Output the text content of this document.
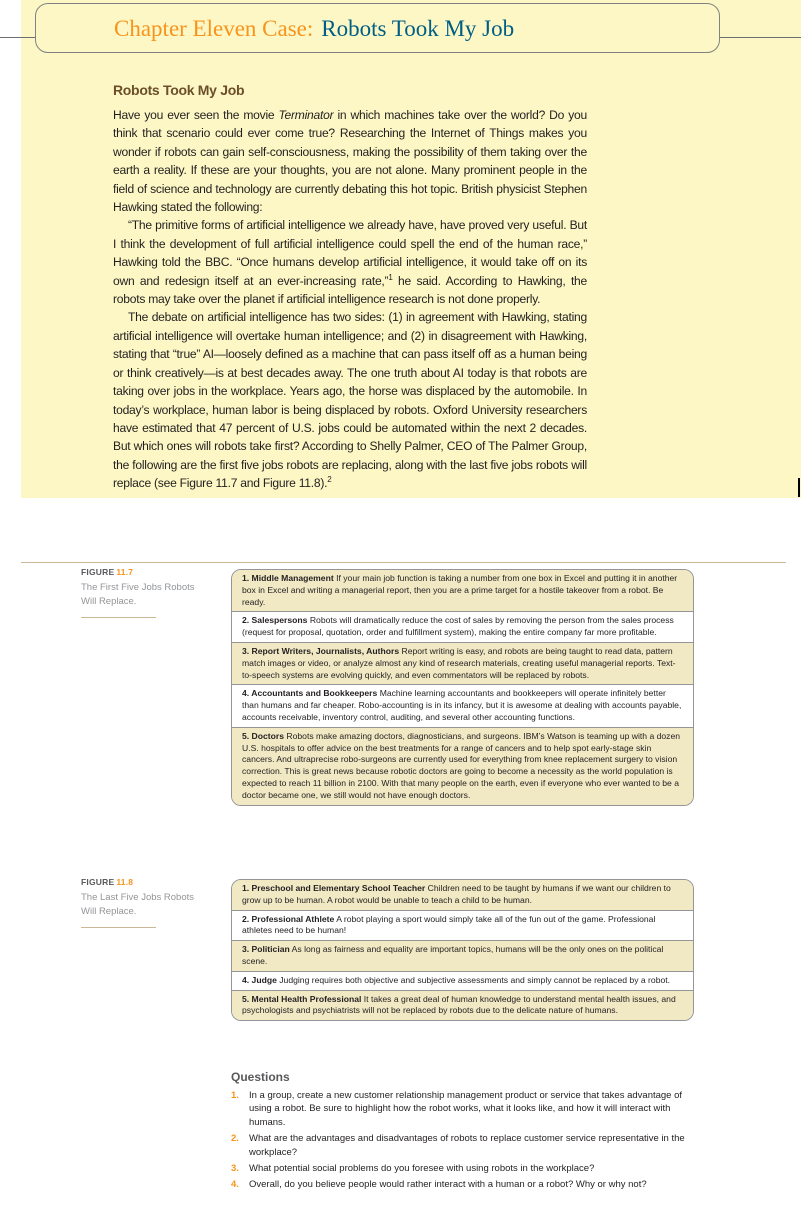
Chapter Eleven Case: Robots Took My Job
Robots Took My Job

Have you ever seen the movie Terminator in which machines take over the world? Do you think that scenario could ever come true? Researching the Internet of Things makes you wonder if robots can gain self-consciousness, making the possibility of them taking over the earth a reality. If these are your thoughts, you are not alone. Many prominent people in the field of science and technology are currently debating this hot topic. British physicist Stephen Hawking stated the following:

“The primitive forms of artificial intelligence we already have, have proved very useful. But I think the development of full artificial intelligence could spell the end of the human race,” Hawking told the BBC. “Once humans develop artificial intelligence, it would take off on its own and redesign itself at an ever-increasing rate,”$^1$ he said. According to Hawking, the robots may take over the planet if artificial intelligence research is not done properly.

The debate on artificial intelligence has two sides: (1) in agreement with Hawking, stating artificial intelligence will overtake human intelligence; and (2) in disagreement with Hawking, stating that “true” AI—loosely defined as a machine that can pass itself off as a human being or think creatively—is at best decades away. The one truth about AI today is that robots are taking over jobs in the workplace. Years ago, the horse was displaced by the automobile. In today’s workplace, human labor is being displaced by robots. Oxford University researchers have estimated that 47 percent of U.S. jobs could be automated within the next 2 decades. But which ones will robots take first? According to Shelly Palmer, CEO of The Palmer Group, the following are the first five jobs robots are replacing, along with the last five jobs robots will replace (see Figure 11.7 and Figure 11.8).$^2$

FIGURE 11.7
The First Five Jobs Robots Will Replace.
1. Middle Management If your main job function is taking a number from one box in Excel and putting it in another box in Excel and writing a managerial report, then you are a prime target for a hostile takeover from a robot. Be ready.
2. Salespersons Robots will dramatically reduce the cost of sales by removing the person from the sales process (request for proposal, quotation, order and fulfillment system), making the entire company far more profitable.
3. Report Writers, Journalists, Authors Report writing is easy, and robots are being taught to read data, pattern match images or video, or analyze almost any kind of research materials, creating useful managerial reports. Text-to-speech systems are evolving quickly, and even commentators will be replaced by robots.
4. Accountants and Bookkeepers Machine learning accountants and bookkeepers will operate infinitely better than humans and far cheaper. Robo-accounting is in its infancy, but it is awesome at dealing with accounts payable, accounts receivable, inventory control, auditing, and several other accounting functions.
5. Doctors Robots make amazing doctors, diagnosticians, and surgeons. IBM’s Watson is teaming up with a dozen U.S. hospitals to offer advice on the best treatments for a range of cancers and to help spot early-stage skin cancers. And ultraprecise robo-surgeons are currently used for everything from knee replacement surgery to vision correction. This is great news because robotic doctors are going to become a necessity as the world population is expected to reach 11 billion in 2100. With that many people on the earth, even if everyone who ever wanted to be a doctor became one, we still would not have enough doctors.
FIGURE 11.8
The Last Five Jobs Robots Will Replace.
1. Preschool and Elementary School Teacher Children need to be taught by humans if we want our children to grow up to be human. A robot would be unable to teach a child to be human.
2. Professional Athlete A robot playing a sport would simply take all of the fun out of the game. Professional athletes need to be human!
3. Politician As long as fairness and equality are important topics, humans will be the only ones on the political scene.
4. Judge Judging requires both objective and subjective assessments and simply cannot be replaced by a robot.
5. Mental Health Professional It takes a great deal of human knowledge to understand mental health issues, and psychologists and psychiatrists will not be replaced by robots due to the delicate nature of humans.
Questions
1. In a group, create a new customer relationship management product or service that takes advantage of using a robot. Be sure to highlight how the robot works, what it looks like, and how it will interact with humans.
2. What are the advantages and disadvantages of robots to replace customer service representative in the workplace?
3. What potential social problems do you foresee with using robots in the workplace?
4. Overall, do you believe people would rather interact with a human or a robot? Why or why not?
